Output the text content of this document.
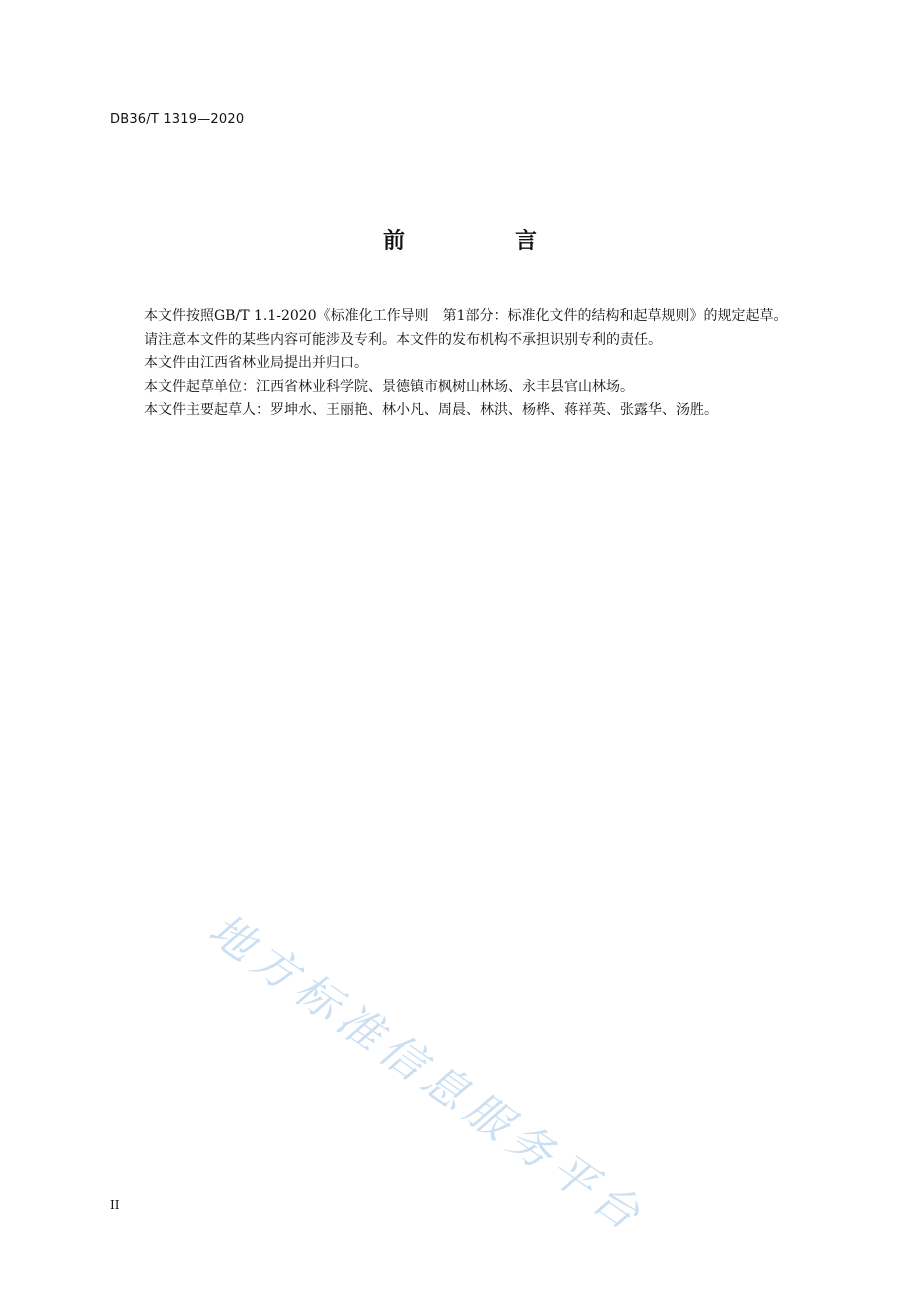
DB36/T 1319—2020
前　言

本文件按照GB/T 1.1-2020《标准化工作导则　第1部分：标准化文件的结构和起草规则》的规定起草。

请注意本文件的某些内容可能涉及专利。本文件的发布机构不承担识别专利的责任。

本文件由江西省林业局提出并归口。

本文件起草单位：江西省林业科学院、景德镇市枫树山林场、永丰县官山林场。

本文件主要起草人：罗坤水、王丽艳、林小凡、周晨、林洪、杨桦、蒋祥英、张露华、汤胜。

地方标准信息服务平台
II
